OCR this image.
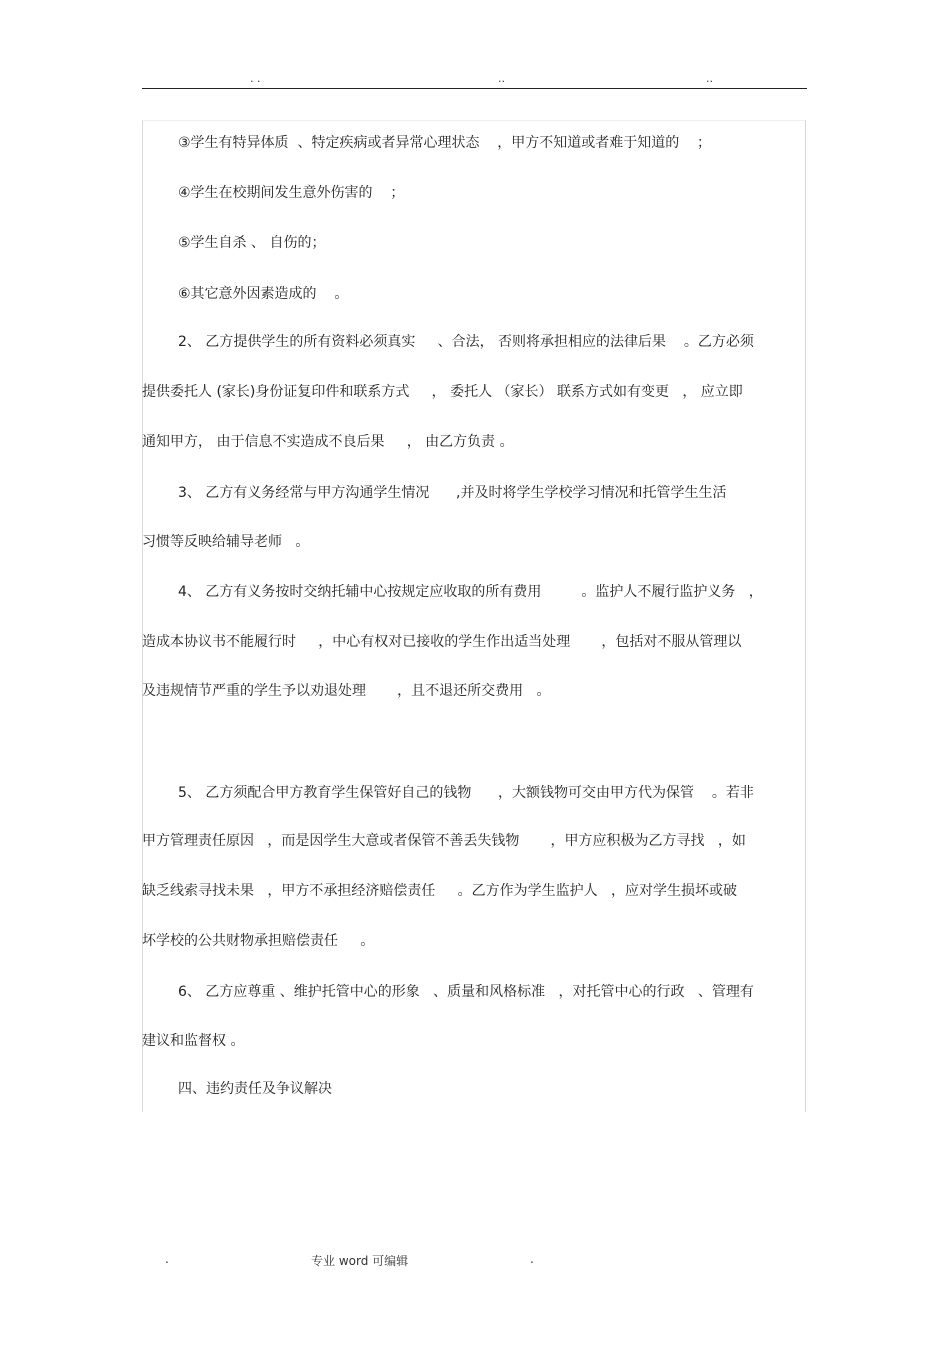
. .	..	..
③学生有特异体质  、特定疾病或者异常心理状态    ，甲方不知道或者难于知道的    ；
④学生在校期间发生意外伤害的    ；
⑤学生自杀 、 自伤的；
⑥其它意外因素造成的    。
2、 乙方提供学生的所有资料必须真实     、合法， 否则将承担相应的法律后果    。乙方必须
提供委托人 (家长)身份证复印件和联系方式     ， 委托人 （家长） 联系方式如有变更   ， 应立即
通知甲方， 由于信息不实造成不良后果     ， 由乙方负责 。
3、 乙方有义务经常与甲方沟通学生情况      ,并及时将学生学校学习情况和托管学生生活
习惯等反映给辅导老师   。
4、 乙方有义务按时交纳托辅中心按规定应收取的所有费用         。监护人不履行监护义务   ，
造成本协议书不能履行时     ，中心有权对已接收的学生作出适当处理       ，包括对不服从管理以
及违规情节严重的学生予以劝退处理       ，且不退还所交费用   。
5、 乙方须配合甲方教育学生保管好自己的钱物      ，大额钱物可交由甲方代为保管    。若非
甲方管理责任原因   ，而是因学生大意或者保管不善丢失钱物       ，甲方应积极为乙方寻找   ，如
缺乏线索寻找未果   ，甲方不承担经济赔偿责任     。乙方作为学生监护人   ，应对学生损坏或破
坏学校的公共财物承担赔偿责任     。
6、 乙方应尊重 、维护托管中心的形象   、质量和风格标准   ，对托管中心的行政   、管理有
建议和监督权 。
四、违约责任及争议解决
.	专业 word 可编辑	.
